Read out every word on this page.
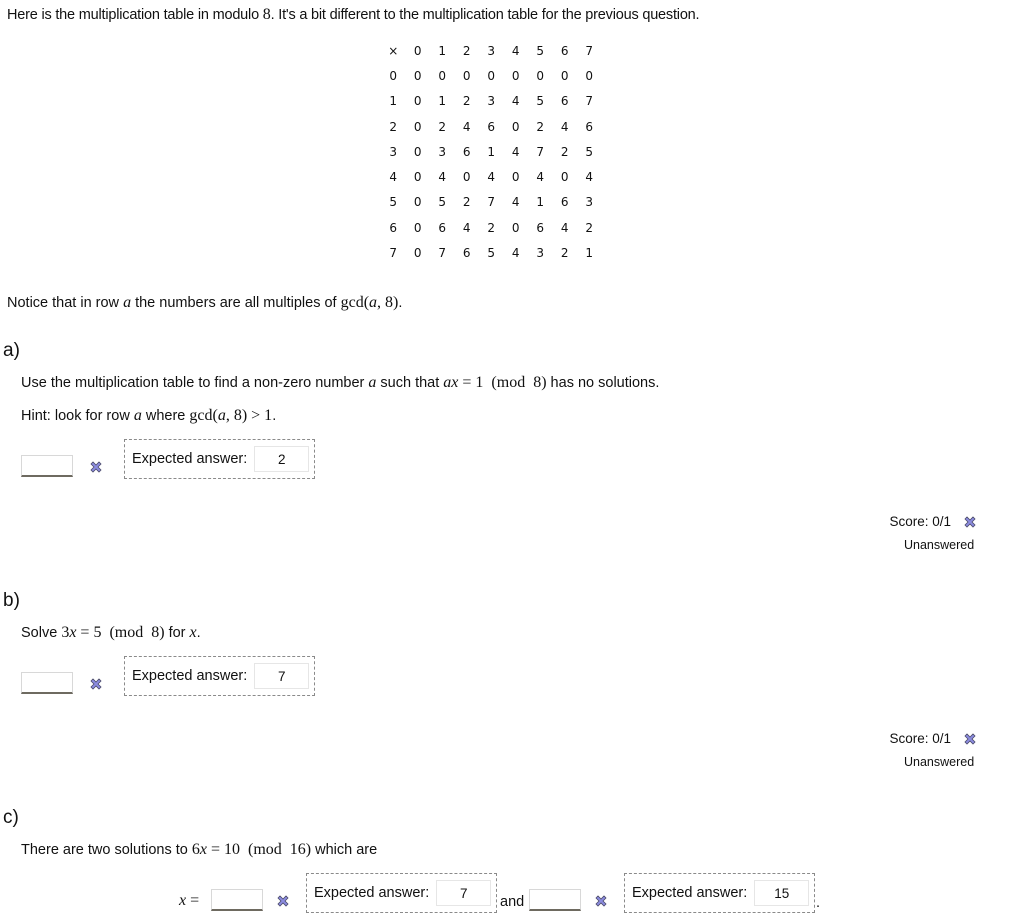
Here is the multiplication table in modulo 8. It's a bit different to the multiplication table for the previous question.
×	0	1	2	3	4	5	6	7
0	0	0	0	0	0	0	0	0
1	0	1	2	3	4	5	6	7
2	0	2	4	6	0	2	4	6
3	0	3	6	1	4	7	2	5
4	0	4	0	4	0	4	0	4
5	0	5	2	7	4	1	6	3
6	0	6	4	2	0	6	4	2
7	0	7	6	5	4	3	2	1
Notice that in row a the numbers are all multiples of gcd(a, 8).
a)
Use the multiplication table to find a non-zero number a such that ax = 1  (mod  8) has no solutions.
Hint: look for row a where gcd(a, 8) > 1.
Expected answer:	2
Score: 0/1
Unanswered
b)
Solve 3x = 5  (mod  8) for x.
Expected answer:	7
Score: 0/1
Unanswered
c)
There are two solutions to 6x = 10  (mod  16) which are
x =	Expected answer:	7
and
Expected answer:	15
.
